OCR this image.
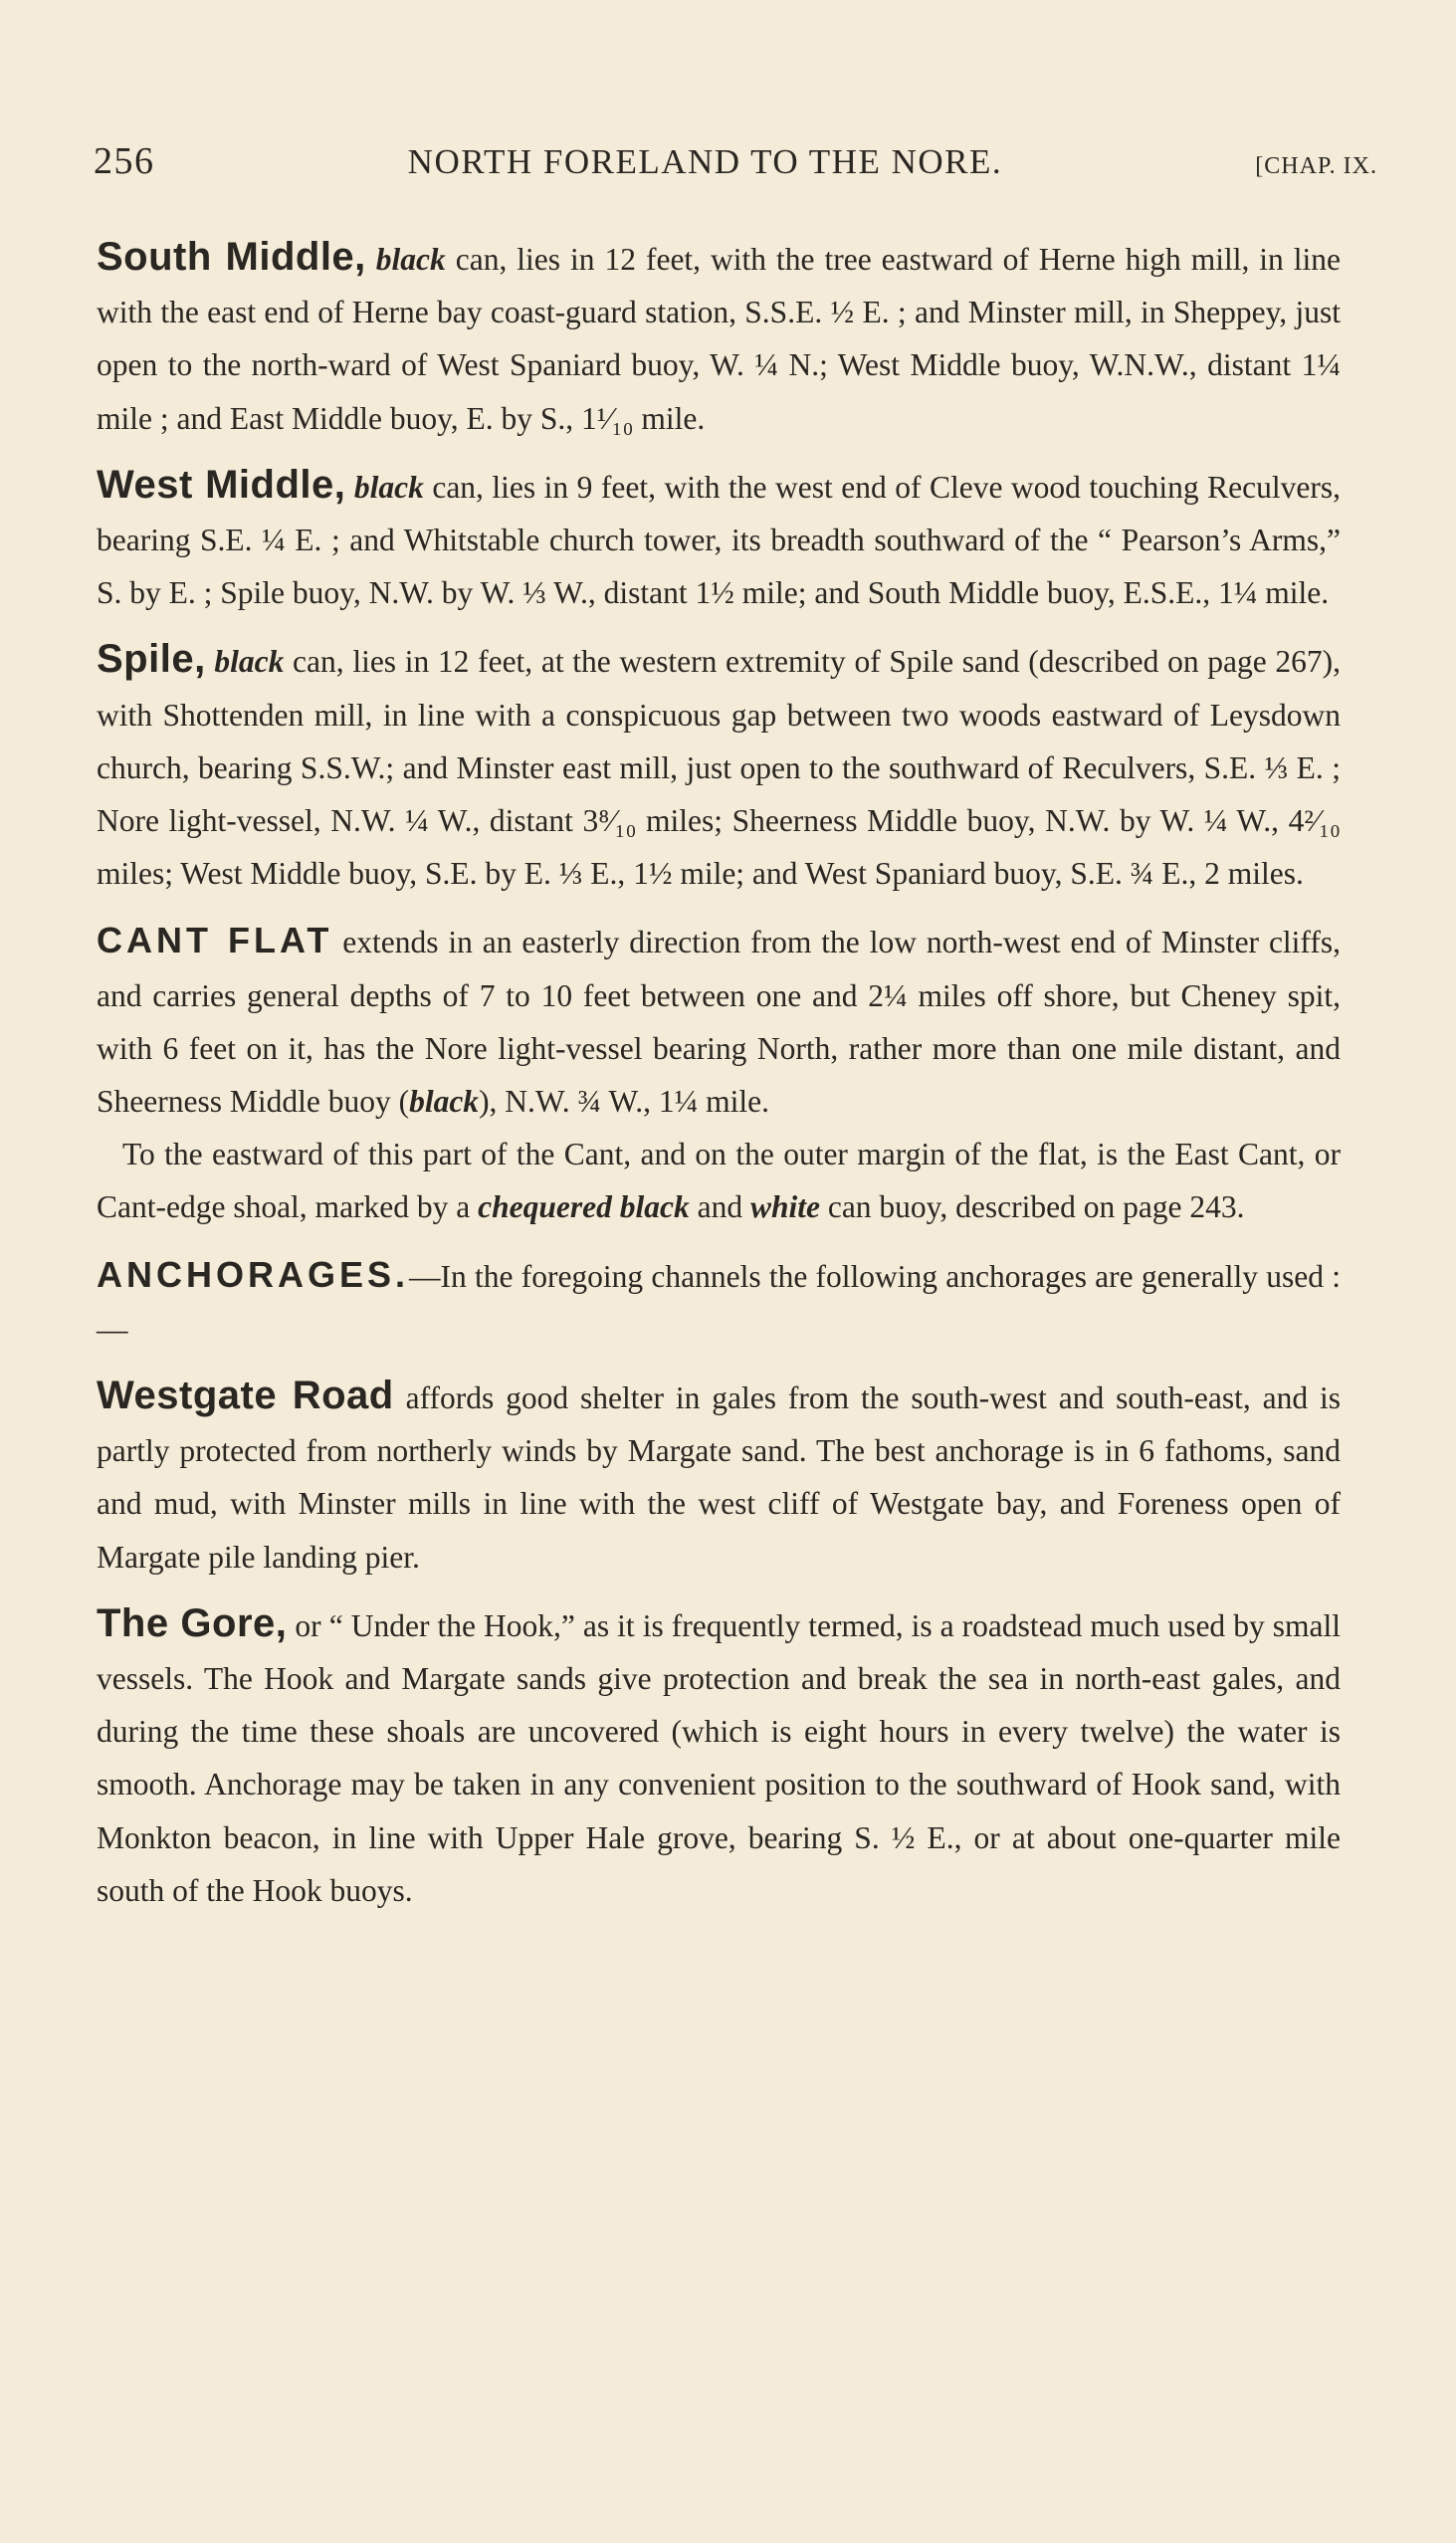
256	NORTH FORELAND TO THE NORE.	[CHAP. IX.

South Middle, black can, lies in 12 feet, with the tree eastward of Herne high mill, in line with the east end of Herne bay coast-guard station, S.S.E. ½ E. ; and Minster mill, in Sheppey, just open to the north-ward of West Spaniard buoy, W. ¼ N.; West Middle buoy, W.N.W., distant 1¼ mile ; and East Middle buoy, E. by S., 1¹⁄₁₀ mile.

West Middle, black can, lies in 9 feet, with the west end of Cleve wood touching Reculvers, bearing S.E. ¼ E. ; and Whitstable church tower, its breadth southward of the “ Pearson’s Arms,” S. by E. ; Spile buoy, N.W. by W. ⅓ W., distant 1½ mile; and South Middle buoy, E.S.E., 1¼ mile.

Spile, black can, lies in 12 feet, at the western extremity of Spile sand (described on page 267), with Shottenden mill, in line with a conspicuous gap between two woods eastward of Leysdown church, bearing S.S.W.; and Minster east mill, just open to the southward of Reculvers, S.E. ⅓ E. ; Nore light-vessel, N.W. ¼ W., distant 3⁸⁄₁₀ miles; Sheerness Middle buoy, N.W. by W. ¼ W., 4²⁄₁₀ miles; West Middle buoy, S.E. by E. ⅓ E., 1½ mile; and West Spaniard buoy, S.E. ¾ E., 2 miles.

CANT FLAT extends in an easterly direction from the low north-west end of Minster cliffs, and carries general depths of 7 to 10 feet between one and 2¼ miles off shore, but Cheney spit, with 6 feet on it, has the Nore light-vessel bearing North, rather more than one mile distant, and Sheerness Middle buoy (black), N.W. ¾ W., 1¼ mile.

To the eastward of this part of the Cant, and on the outer margin of the flat, is the East Cant, or Cant-edge shoal, marked by a chequered black and white can buoy, described on page 243.

ANCHORAGES.—In the foregoing channels the following anchorages are generally used :—

Westgate Road affords good shelter in gales from the south-west and south-east, and is partly protected from northerly winds by Margate sand. The best anchorage is in 6 fathoms, sand and mud, with Minster mills in line with the west cliff of Westgate bay, and Foreness open of Margate pile landing pier.

The Gore, or “ Under the Hook,” as it is frequently termed, is a roadstead much used by small vessels. The Hook and Margate sands give protection and break the sea in north-east gales, and during the time these shoals are uncovered (which is eight hours in every twelve) the water is smooth. Anchorage may be taken in any convenient position to the southward of Hook sand, with Monkton beacon, in line with Upper Hale grove, bearing S. ½ E., or at about one-quarter mile south of the Hook buoys.
